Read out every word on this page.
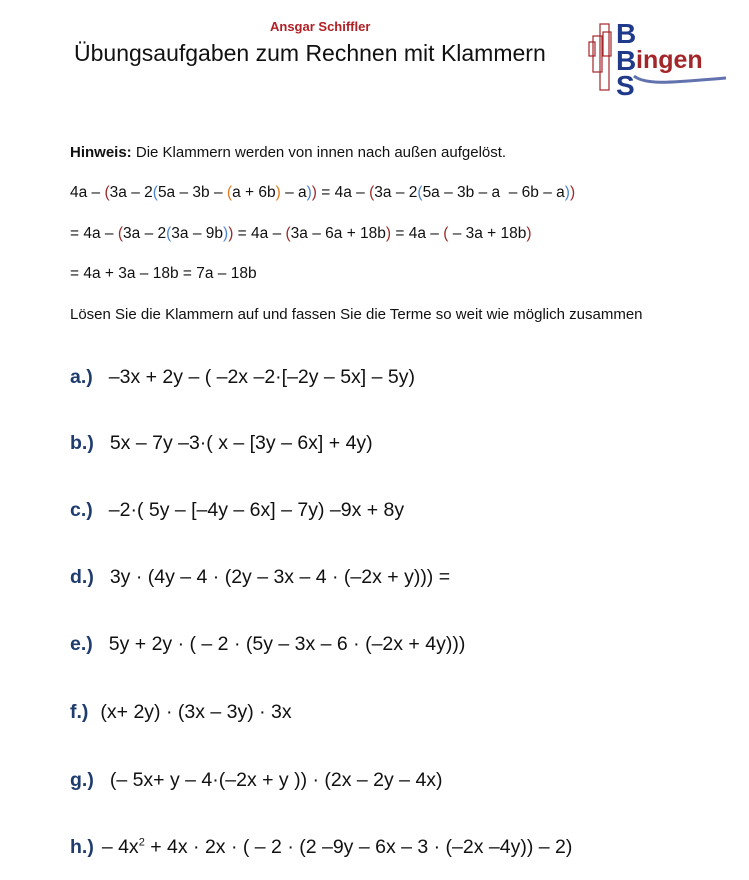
Ansgar Schiffler
Übungsaufgaben zum Rechnen mit Klammern
B
B
S
ingen
Hinweis: Die Klammern werden von innen nach außen aufgelöst.
4a – (3a – 2(5a – 3b – (a + 6b) – a)) = 4a – (3a – 2(5a – 3b – a  – 6b – a))
= 4a – (3a – 2(3a – 9b)) = 4a – (3a – 6a + 18b) = 4a – ( – 3a + 18b)
= 4a + 3a – 18b = 7a – 18b
Lösen Sie die Klammern auf und fassen Sie die Terme so weit wie möglich zusammen
a.) –3x + 2y – ( –2x –2·[–2y – 5x] – 5y)
b.) 5x – 7y –3·( x – [3y – 6x] + 4y)
c.) –2·( 5y – [–4y – 6x] – 7y) –9x + 8y
d.) 3y · (4y – 4 · (2y – 3x – 4 · (–2x + y))) =
e.) 5y + 2y · ( – 2 · (5y – 3x – 6 · (–2x + 4y)))
f.) (x+ 2y) · (3x – 3y) · 3x
g.) (– 5x+ y – 4·(–2x + y )) · (2x – 2y – 4x)
$h.) - 4x^2 + 4x \cdot 2x$ · ( – 2 · (2 –9y – 6x – 3 · (–2x –4y)) – 2)
